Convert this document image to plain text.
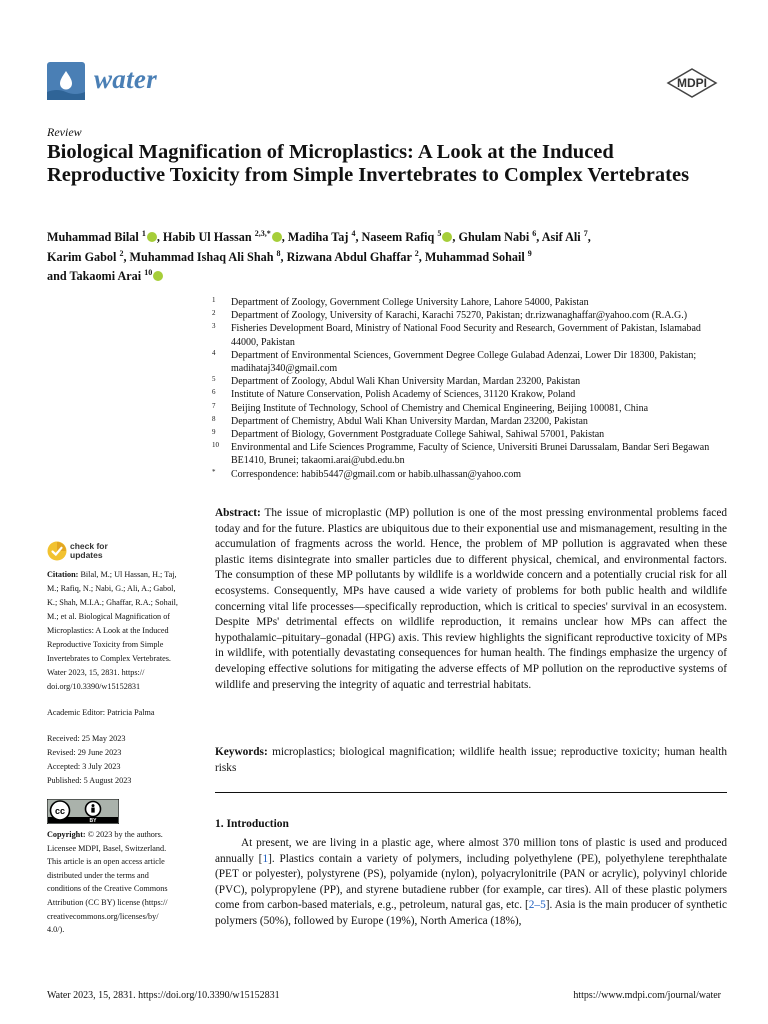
water	MDPI
Review
Biological Magnification of Microplastics: A Look at the Induced Reproductive Toxicity from Simple Invertebrates to Complex Vertebrates
Muhammad Bilal $^1$ , Habib Ul Hassan $^{2,3,*}$ , Madiha Taj $^4$, Naseem Rafiq $^5$ , Ghulam Nabi $^6$, Asif Ali $^7$,
Karim Gabol $^2$, Muhammad Ishaq Ali Shah $^8$, Rizwana Abdul Ghaffar $^2$, Muhammad Sohail $^9$
and Takaomi Arai $^{10}$
1	Department of Zoology, Government College University Lahore, Lahore 54000, Pakistan
2	Department of Zoology, University of Karachi, Karachi 75270, Pakistan; dr.rizwanaghaffar@yahoo.com (R.A.G.)
3	Fisheries Development Board, Ministry of National Food Security and Research, Government of Pakistan, Islamabad 44000, Pakistan
4	Department of Environmental Sciences, Government Degree College Gulabad Adenzai, Lower Dir 18300, Pakistan; madihataj340@gmail.com
5	Department of Zoology, Abdul Wali Khan University Mardan, Mardan 23200, Pakistan
6	Institute of Nature Conservation, Polish Academy of Sciences, 31120 Krakow, Poland
7	Beijing Institute of Technology, School of Chemistry and Chemical Engineering, Beijing 100081, China
8	Department of Chemistry, Abdul Wali Khan University Mardan, Mardan 23200, Pakistan
9	Department of Biology, Government Postgraduate College Sahiwal, Sahiwal 57001, Pakistan
10	Environmental and Life Sciences Programme, Faculty of Science, Universiti Brunei Darussalam, Bandar Seri Begawan BE1410, Brunei; takaomi.arai@ubd.edu.bn
*	Correspondence: habib5447@gmail.com or habib.ulhassan@yahoo.com
check for
updates
Citation: Bilal, M.; Ul Hassan, H.; Taj,
M.; Rafiq, N.; Nabi, G.; Ali, A.; Gabol,
K.; Shah, M.I.A.; Ghaffar, R.A.; Sohail,
M.; et al. Biological Magnification of
Microplastics: A Look at the Induced
Reproductive Toxicity from Simple
Invertebrates to Complex Vertebrates.
Water 2023, 15, 2831. https://
doi.org/10.3390/w15152831
Academic Editor: Patricia Palma
Received: 25 May 2023
Revised: 29 June 2023
Accepted: 3 July 2023
Published: 5 August 2023
cc
BY
Copyright: © 2023 by the authors.
Licensee MDPI, Basel, Switzerland.
This article is an open access article
distributed under the terms and
conditions of the Creative Commons
Attribution (CC BY) license (https://
creativecommons.org/licenses/by/
4.0/).
Abstract: The issue of microplastic (MP) pollution is one of the most pressing environmental problems faced today and for the future. Plastics are ubiquitous due to their exponential use and mismanagement, resulting in the accumulation of fragments across the world. Hence, the problem of MP pollution is aggravated when these plastic items disintegrate into smaller particles due to different physical, chemical, and environmental factors. The consumption of these MP pollutants by wildlife is a worldwide concern and a potentially crucial risk for all ecosystems. Consequently, MPs have caused a wide variety of problems for both public health and wildlife concerning vital life processes—specifically reproduction, which is critical to species' survival in an ecosystem. Despite MPs' detrimental effects on wildlife reproduction, it remains unclear how MPs can affect the hypothalamic–pituitary–gonadal (HPG) axis. This review highlights the significant reproductive toxicity of MPs in wildlife, with potentially devastating consequences for human health. The findings emphasize the urgency of developing effective solutions for mitigating the adverse effects of MP pollution on the reproductive systems of wildlife and preserving the integrity of aquatic and terrestrial habitats.
Keywords: microplastics; biological magnification; wildlife health issue; reproductive toxicity; human health risks
1. Introduction
At present, we are living in a plastic age, where almost 370 million tons of plastic is used and produced annually [1]. Plastics contain a variety of polymers, including polyethylene (PE), polyethylene terephthalate (PET or polyester), polystyrene (PS), polyamide (nylon), polyacrylonitrile (PAN or acrylic), polyvinyl chloride (PVC), polypropylene (PP), and styrene butadiene rubber (for example, car tires). All of these plastic polymers come from carbon-based materials, e.g., petroleum, natural gas, etc. [2–5]. Asia is the main producer of synthetic polymers (50%), followed by Europe (19%), North America (18%),
Water 2023, 15, 2831. https://doi.org/10.3390/w15152831	https://www.mdpi.com/journal/water
